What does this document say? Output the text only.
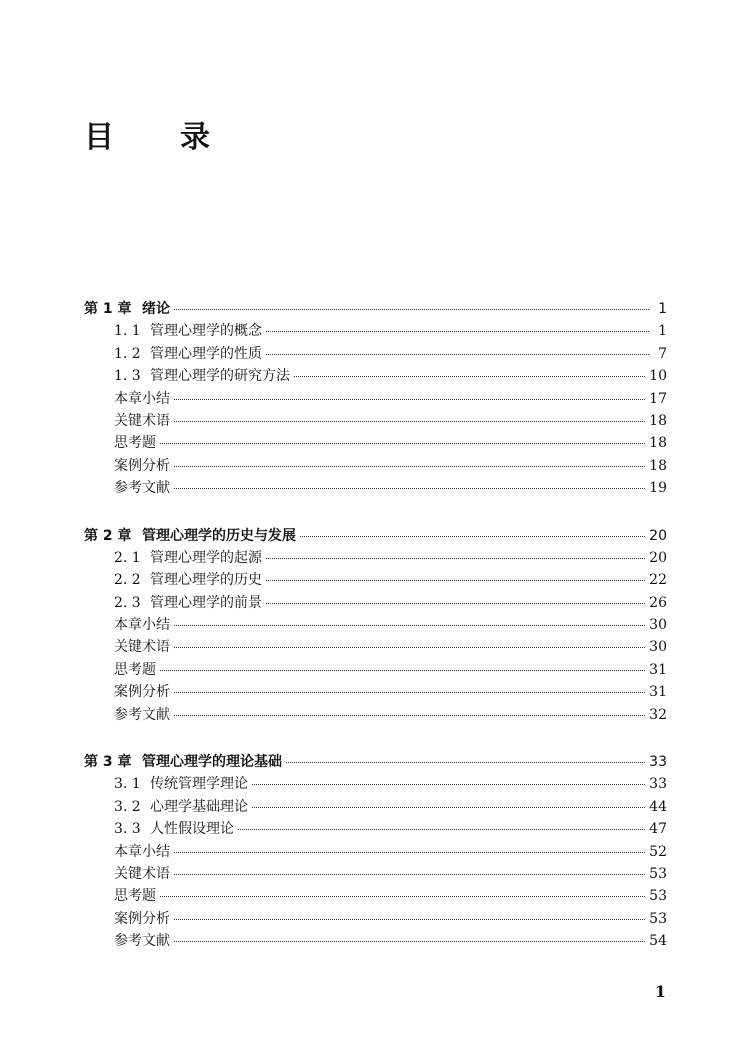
目 录
第 1 章 绪论	1
1. 1 管理心理学的概念	1
1. 2 管理心理学的性质	7
1. 3 管理心理学的研究方法	10
本章小结	17
关键术语	18
思考题	18
案例分析	18
参考文献	19
第 2 章 管理心理学的历史与发展	20
2. 1 管理心理学的起源	20
2. 2 管理心理学的历史	22
2. 3 管理心理学的前景	26
本章小结	30
关键术语	30
思考题	31
案例分析	31
参考文献	32
第 3 章 管理心理学的理论基础	33
3. 1 传统管理学理论	33
3. 2 心理学基础理论	44
3. 3 人性假设理论	47
本章小结	52
关键术语	53
思考题	53
案例分析	53
参考文献	54
1
